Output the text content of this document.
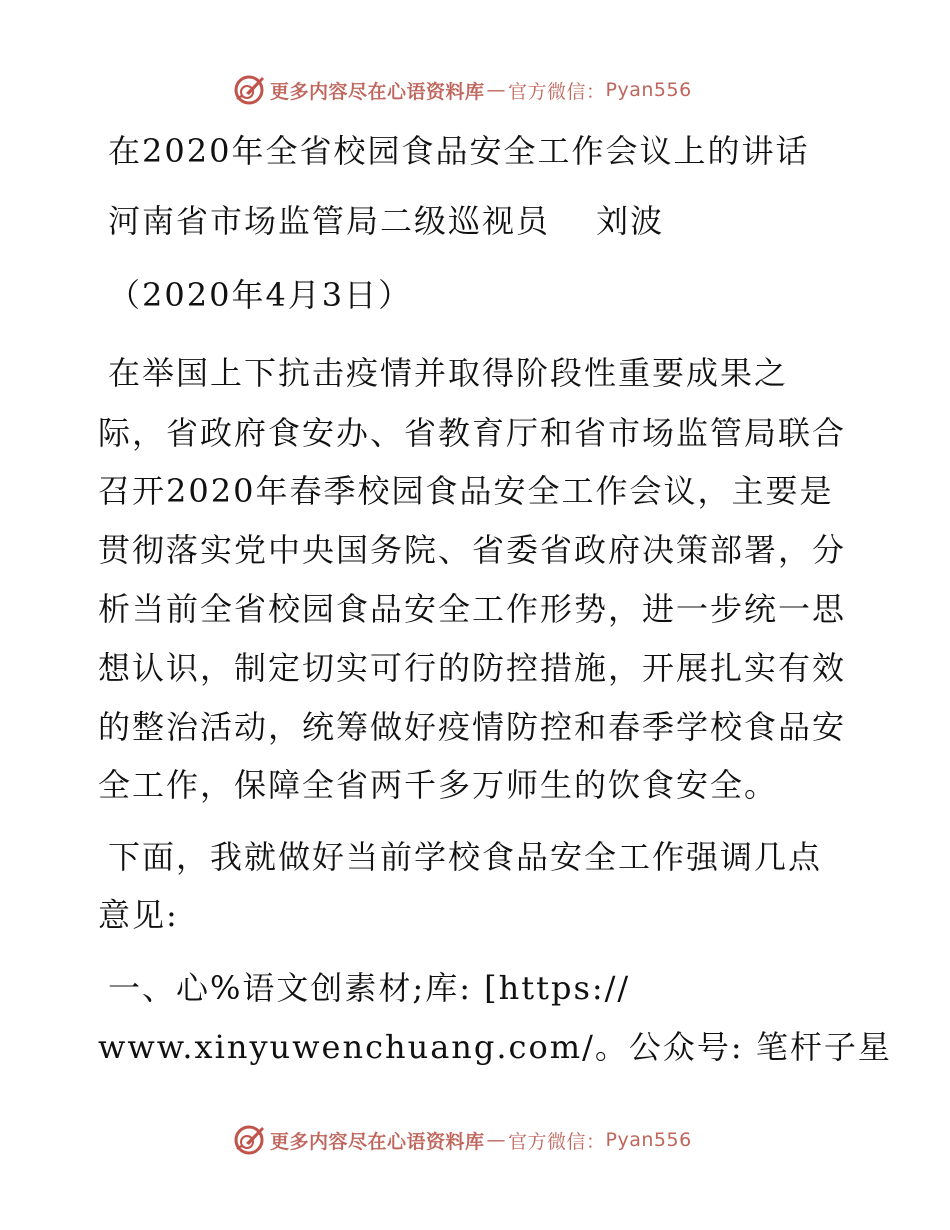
更多内容尽在心语资料库 — 官方微信： Pyan556
在2020年全省校园食品安全工作会议上的讲话
河南省市场监管局二级巡视员　 刘波
（2020年4月3日）
在举国上下抗击疫情并取得阶段性重要成果之
际，省政府食安办、省教育厅和省市场监管局联合
召开2020年春季校园食品安全工作会议，主要是
贯彻落实党中央国务院、省委省政府决策部署，分
析当前全省校园食品安全工作形势，进一步统一思
想认识，制定切实可行的防控措施，开展扎实有效
的整治活动，统筹做好疫情防控和春季学校食品安
全工作，保障全省两千多万师生的饮食安全。
下面，我就做好当前学校食品安全工作强调几点
意见:
一、心%语文创素材;库: [https://
www.xinyuwenchuang.com/。公众号: 笔杆子星
更多内容尽在心语资料库 — 官方微信： Pyan556
